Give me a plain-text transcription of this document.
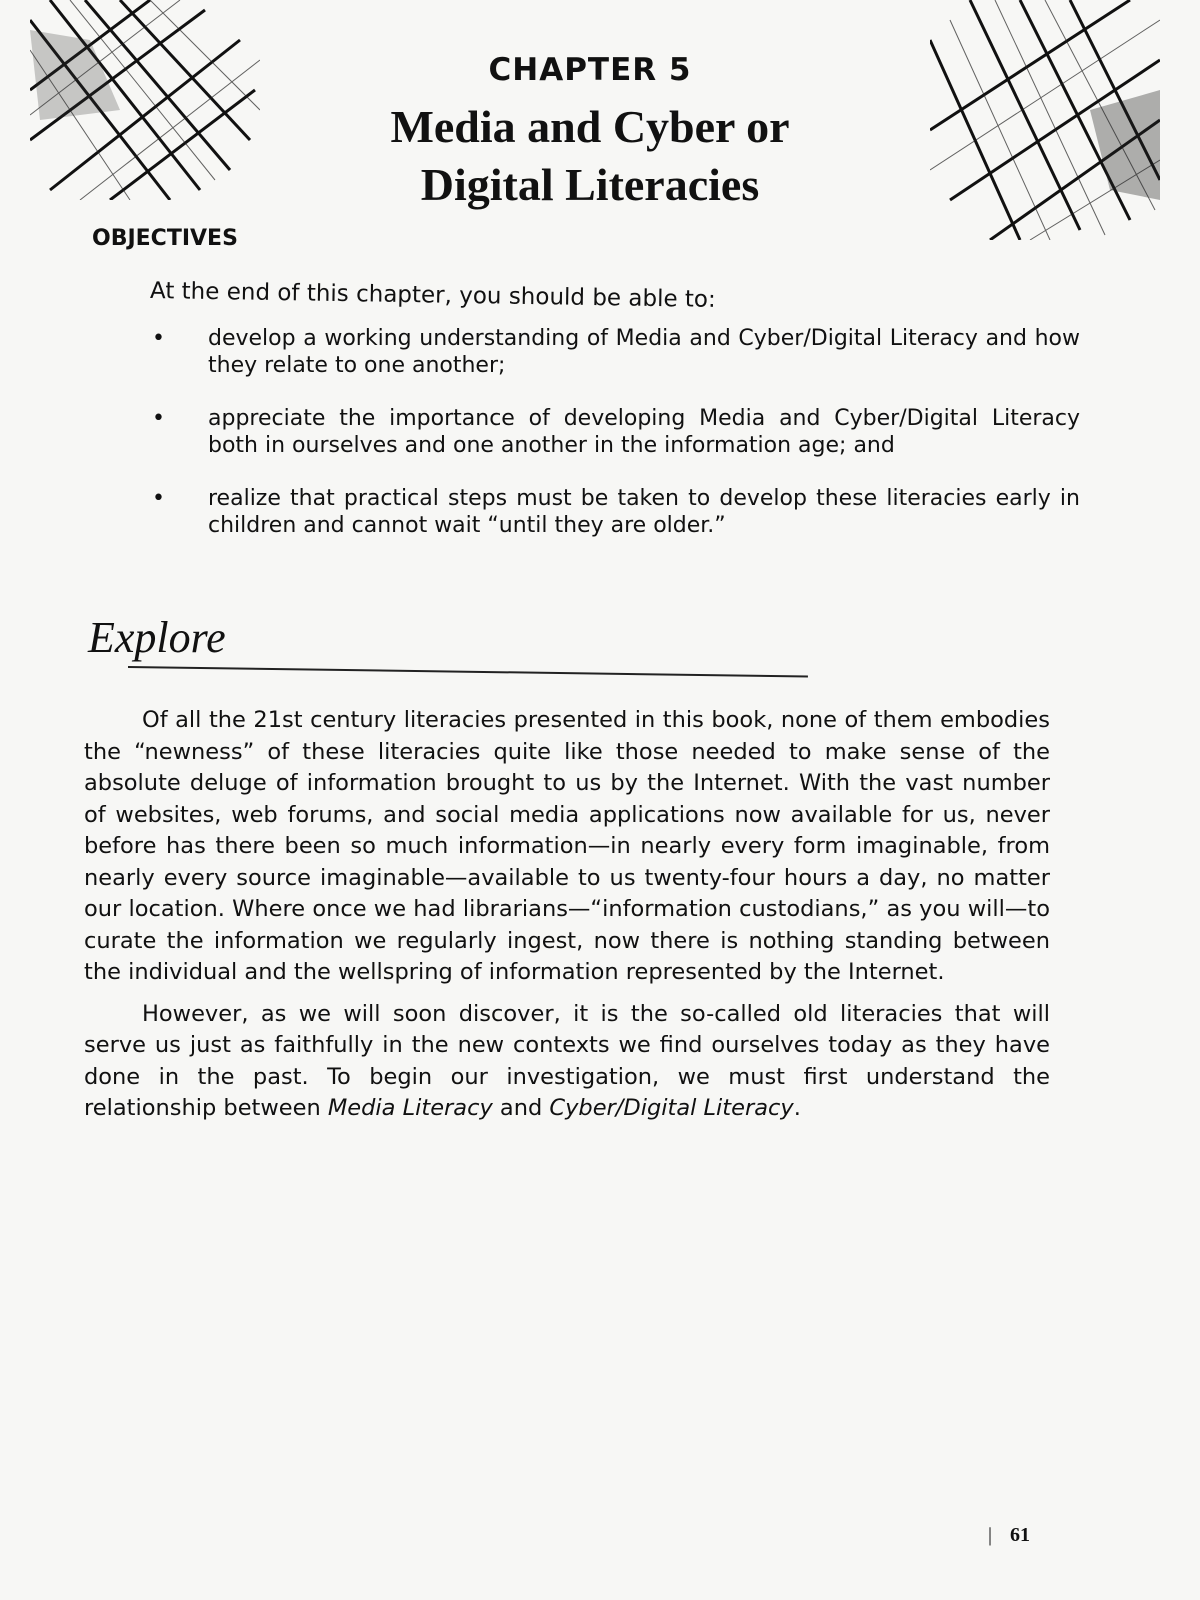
CHAPTER 5
Media and Cyber or
Digital Literacies
OBJECTIVES
At the end of this chapter, you should be able to:
• develop a working understanding of Media and Cyber/Digital Literacy and how they relate to one another;
• appreciate the importance of developing Media and Cyber/Digital Literacy both in ourselves and one another in the information age; and
• realize that practical steps must be taken to develop these literacies early in children and cannot wait “until they are older.”
Explore

Of all the 21st century literacies presented in this book, none of them embodies the “newness” of these literacies quite like those needed to make sense of the absolute deluge of information brought to us by the Internet. With the vast number of websites, web forums, and social media applications now available for us, never before has there been so much information—in nearly every form imaginable, from nearly every source imaginable—available to us twenty-four hours a day, no matter our location. Where once we had librarians—“information custodians,” as you will—to curate the information we regularly ingest, now there is nothing standing between the individual and the wellspring of information represented by the Internet.

However, as we will soon discover, it is the so-called old literacies that will serve us just as faithfully in the new contexts we find ourselves today as they have done in the past. To begin our investigation, we must first understand the relationship between Media Literacy and Cyber/Digital Literacy.

| 61
